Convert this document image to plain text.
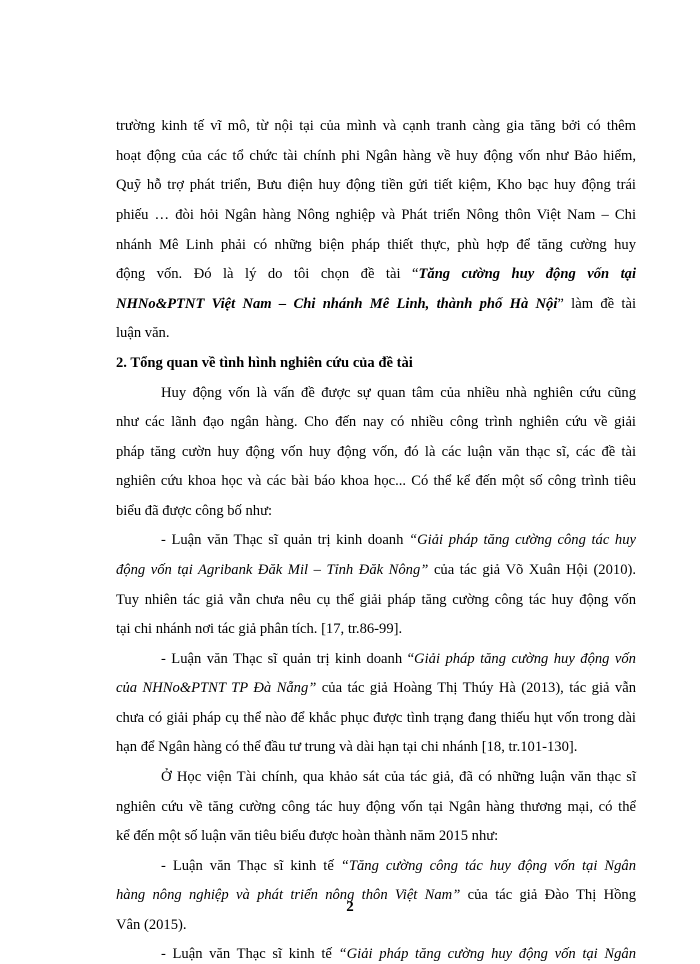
trường kinh tế vĩ mô, từ nội tại của mình và cạnh tranh càng gia tăng bởi có thêm
hoạt động của các tổ chức tài chính phi Ngân hàng về huy động vốn như Bảo hiểm,
Quỹ hỗ trợ phát triển, Bưu điện huy động tiền gửi tiết kiệm, Kho bạc huy động trái
phiếu … đòi hỏi Ngân hàng Nông nghiệp và Phát triển Nông thôn Việt Nam – Chi
nhánh Mê Linh phải có những biện pháp thiết thực, phù hợp để tăng cường huy
động vốn. Đó là lý do tôi chọn đề tài “Tăng cường huy động vốn tại
NHNo&PTNT Việt Nam – Chi nhánh Mê Linh, thành phố Hà Nội” làm đề tài
luận văn.
2. Tổng quan về tình hình nghiên cứu của đề tài
Huy động vốn là vấn đề được sự quan tâm của nhiều nhà nghiên cứu cũng
như các lãnh đạo ngân hàng. Cho đến nay có nhiều công trình nghiên cứu về giải
pháp tăng cườn huy động vốn huy động vốn, đó là các luận văn thạc sĩ, các đề tài
nghiên cứu khoa học và các bài báo khoa học... Có thể kể đến một số công trình tiêu
biểu đã được công bố như:
- Luận văn Thạc sĩ quản trị kinh doanh “Giải pháp tăng cường công tác huy
động vốn tại Agribank Đăk Mil – Tỉnh Đăk Nông” của tác giả Võ Xuân Hội (2010).
Tuy nhiên tác giả vẫn chưa nêu cụ thể giải pháp tăng cường công tác huy động vốn
tại chi nhánh nơi tác giả phân tích. [17, tr.86-99].
- Luận văn Thạc sĩ quản trị kinh doanh “Giải pháp tăng cường huy động vốn
của NHNo&PTNT TP Đà Nẵng” của tác giả Hoàng Thị Thúy Hà (2013), tác giả vẫn
chưa có giải pháp cụ thể nào để khắc phục được tình trạng đang thiếu hụt vốn trong dài
hạn để Ngân hàng có thể đầu tư trung và dài hạn tại chi nhánh [18, tr.101-130].
Ở Học viện Tài chính, qua khảo sát của tác giả, đã có những luận văn thạc sĩ
nghiên cứu về tăng cường công tác huy động vốn tại Ngân hàng thương mại, có thể
kể đến một số luận văn tiêu biểu được hoàn thành năm 2015 như:
- Luận văn Thạc sĩ kinh tế “Tăng cường công tác huy động vốn tại Ngân
hàng nông nghiệp và phát triển nông thôn Việt Nam” của tác giả Đào Thị Hồng
Vân (2015).
- Luận văn Thạc sĩ kinh tế “Giải pháp tăng cường huy động vốn tại Ngân
2
